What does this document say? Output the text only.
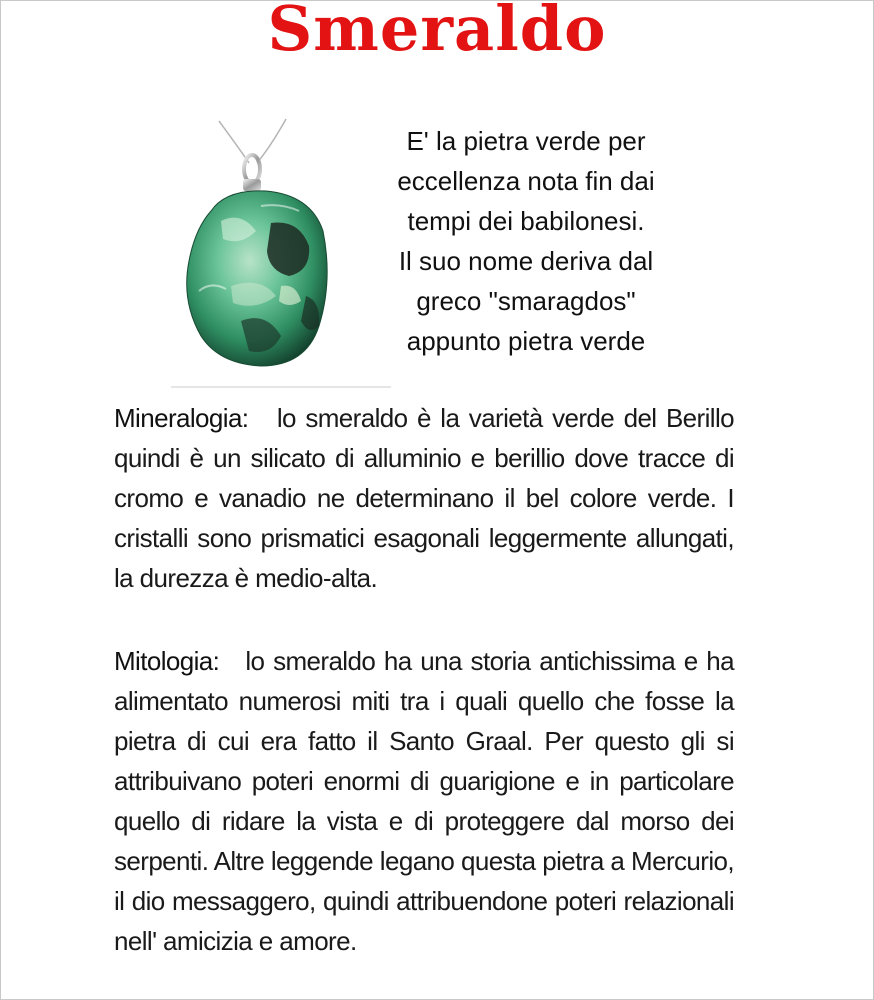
Smeraldo
E' la pietra verde per
eccellenza nota fin dai
tempi dei babilonesi.
Il suo nome deriva dal
greco "smaragdos"
appunto pietra verde
Mineralogia: lo smeraldo è la varietà verde del Berillo quindi è un silicato di alluminio e berillio dove tracce di cromo e vanadio ne determinano il bel colore verde. I cristalli sono prismatici esagonali leggermente allungati, la durezza è medio-alta.
Mitologia: lo smeraldo ha una storia antichissima e ha alimentato numerosi miti tra i quali quello che fosse la pietra di cui era fatto il Santo Graal. Per questo gli si attribuivano poteri enormi di guarigione e in particolare quello di ridare la vista e di proteggere dal morso dei serpenti. Altre leggende legano questa pietra a Mercurio, il dio messaggero, quindi attribuendone poteri relazionali nell' amicizia e amore.
